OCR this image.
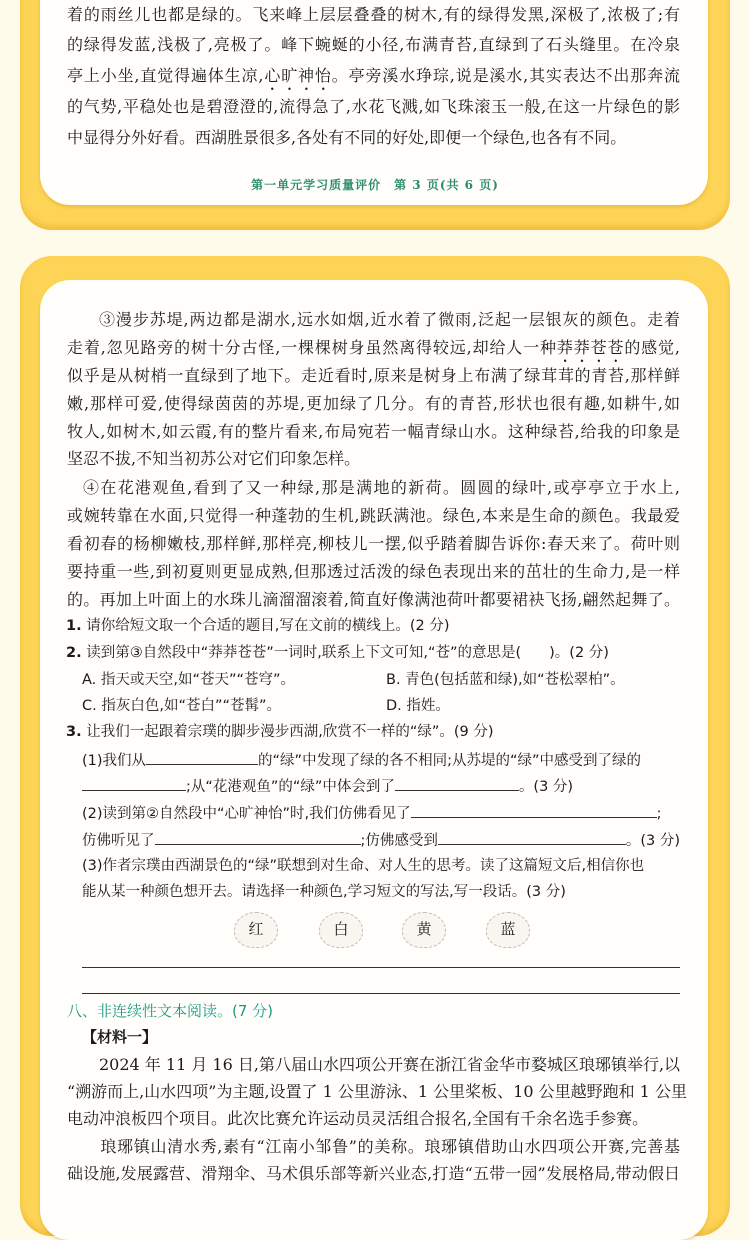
着的雨丝儿也都是绿的。飞来峰上层层叠叠的树木,有的绿得发黑,深极了,浓极了;有
的绿得发蓝,浅极了,亮极了。峰下蜿蜒的小径,布满青苔,直绿到了石头缝里。在冷泉
亭上小坐,直觉得遍体生凉,心旷神怡。亭旁溪水琤琮,说是溪水,其实表达不出那奔流
的气势,平稳处也是碧澄澄的,流得急了,水花飞溅,如飞珠滚玉一般,在这一片绿色的影
中显得分外好看。西湖胜景很多,各处有不同的好处,即便一个绿色,也各有不同。
第一单元学习质量评价　第 3 页(共 6 页)
③漫步苏堤,两边都是湖水,远水如烟,近水着了微雨,泛起一层银灰的颜色。走着
走着,忽见路旁的树十分古怪,一棵棵树身虽然离得较远,却给人一种莽莽苍苍的感觉,
似乎是从树梢一直绿到了地下。走近看时,原来是树身上布满了绿茸茸的青苔,那样鲜
嫩,那样可爱,使得绿茵茵的苏堤,更加绿了几分。有的青苔,形状也很有趣,如耕牛,如
牧人,如树木,如云霞,有的整片看来,布局宛若一幅青绿山水。这种绿苔,给我的印象是
坚忍不拔,不知当初苏公对它们印象怎样。
④在花港观鱼,看到了又一种绿,那是满地的新荷。圆圆的绿叶,或亭亭立于水上,
或婉转靠在水面,只觉得一种蓬勃的生机,跳跃满池。绿色,本来是生命的颜色。我最爱
看初春的杨柳嫩枝,那样鲜,那样亮,柳枝儿一摆,似乎踏着脚告诉你:春天来了。荷叶则
要持重一些,到初夏则更显成熟,但那透过活泼的绿色表现出来的茁壮的生命力,是一样
的。再加上叶面上的水珠儿滴溜溜滚着,简直好像满池荷叶都要裙袂飞扬,翩然起舞了。
1. 请你给短文取一个合适的题目,写在文前的横线上。(2 分)
2. 读到第③自然段中“莽莽苍苍”一词时,联系上下文可知,“苍”的意思是( )。(2 分)
A. 指天或天空,如“苍天”“苍穹”。	B. 青色(包括蓝和绿),如“苍松翠柏”。
C. 指灰白色,如“苍白”“苍髯”。	D. 指姓。
3. 让我们一起跟着宗璞的脚步漫步西湖,欣赏不一样的“绿”。(9 分)
(1)我们从	的“绿”中发现了绿的各不相同;从苏堤的“绿”中感受到了绿的
;从“花港观鱼”的“绿”中体会到了	。(3 分)
(2)读到第②自然段中“心旷神怡”时,我们仿佛看见了	;
仿佛听见了	;仿佛感受到	。(3 分)
(3)作者宗璞由西湖景色的“绿”联想到对生命、对人生的思考。读了这篇短文后,相信你也
能从某一种颜色想开去。请选择一种颜色,学习短文的写法,写一段话。(3 分)
红	白	黄	蓝
八、非连续性文本阅读。(7 分)
【材料一】
　　2024 年 11 月 16 日,第八届山水四项公开赛在浙江省金华市婺城区琅琊镇举行,以
“溯游而上,山水四项”为主题,设置了 1 公里游泳、1 公里桨板、10 公里越野跑和 1 公里
电动冲浪板四个项目。此次比赛允许运动员灵活组合报名,全国有千余名选手参赛。
　　琅琊镇山清水秀,素有“江南小邹鲁”的美称。琅琊镇借助山水四项公开赛,完善基
础设施,发展露营、滑翔伞、马术俱乐部等新兴业态,打造“五带一园”发展格局,带动假日
